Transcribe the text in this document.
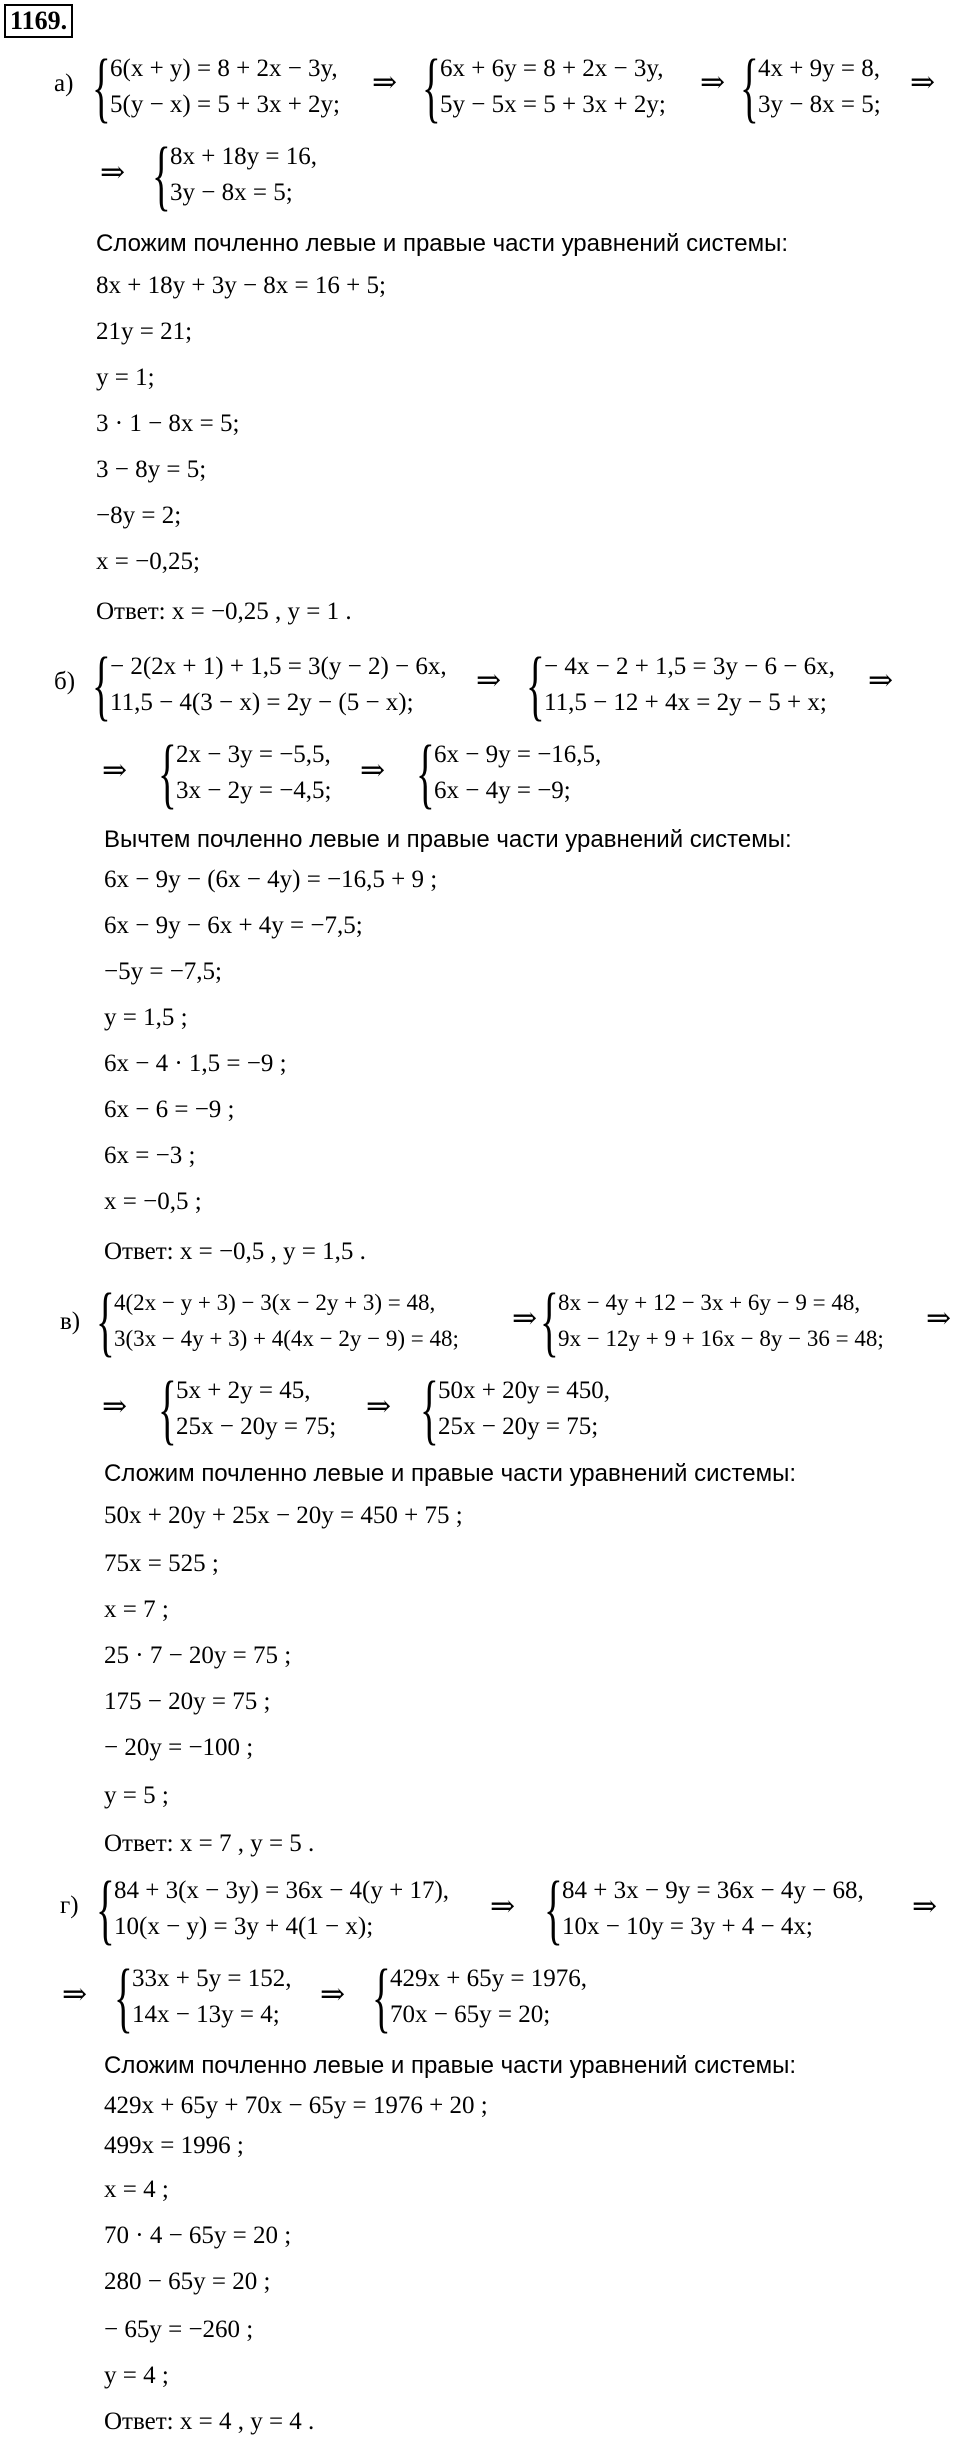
1169.
а) { 6(x + y) = 8 + 2x − 3y,
5(y − x) = 5 + 3x + 2y;
⇒ { 6x + 6y = 8 + 2x − 3y,
5y − 5x = 5 + 3x + 2y;
⇒ { 4x + 9y = 8,
3y − 8x = 5;
⇒
⇒ { 8x + 18y = 16,
3y − 8x = 5;
Сложим почленно левые и правые части уравнений системы:
8x + 18y + 3y − 8x = 16 + 5;
21y = 21;
y = 1;
3 · 1 − 8x = 5;
3 − 8y = 5;
−8y = 2;
x = −0,25;
Ответ: x = −0,25 , y = 1 .
б) { − 2(2x + 1) + 1,5 = 3(y − 2) − 6x,
11,5 − 4(3 − x) = 2y − (5 − x);
⇒ { − 4x − 2 + 1,5 = 3y − 6 − 6x,
11,5 − 12 + 4x = 2y − 5 + x;
⇒
⇒ { 2x − 3y = −5,5,
3x − 2y = −4,5;
⇒ { 6x − 9y = −16,5,
6x − 4y = −9;
Вычтем почленно левые и правые части уравнений системы:
6x − 9y − (6x − 4y) = −16,5 + 9 ;
6x − 9y − 6x + 4y = −7,5;
−5y = −7,5;
y = 1,5 ;
6x − 4 · 1,5 = −9 ;
6x − 6 = −9 ;
6x = −3 ;
x = −0,5 ;
Ответ: x = −0,5 , y = 1,5 .
в) { 4(2x − y + 3) − 3(x − 2y + 3) = 48,
3(3x − 4y + 3) + 4(4x − 2y − 9) = 48;
⇒ { 8x − 4y + 12 − 3x + 6y − 9 = 48,
9x − 12y + 9 + 16x − 8y − 36 = 48;
⇒
⇒ { 5x + 2y = 45,
25x − 20y = 75;
⇒ { 50x + 20y = 450,
25x − 20y = 75;
Сложим почленно левые и правые части уравнений системы:
50x + 20y + 25x − 20y = 450 + 75 ;
75x = 525 ;
x = 7 ;
25 · 7 − 20y = 75 ;
175 − 20y = 75 ;
− 20y = −100 ;
y = 5 ;
Ответ: x = 7 , y = 5 .
г) { 84 + 3(x − 3y) = 36x − 4(y + 17),
10(x − y) = 3y + 4(1 − x);
⇒ { 84 + 3x − 9y = 36x − 4y − 68,
10x − 10y = 3y + 4 − 4x;
⇒
⇒ { 33x + 5y = 152,
14x − 13y = 4;
⇒ { 429x + 65y = 1976,
70x − 65y = 20;
Сложим почленно левые и правые части уравнений системы:
429x + 65y + 70x − 65y = 1976 + 20 ;
499x = 1996 ;
x = 4 ;
70 · 4 − 65y = 20 ;
280 − 65y = 20 ;
− 65y = −260 ;
y = 4 ;
Ответ: x = 4 , y = 4 .
